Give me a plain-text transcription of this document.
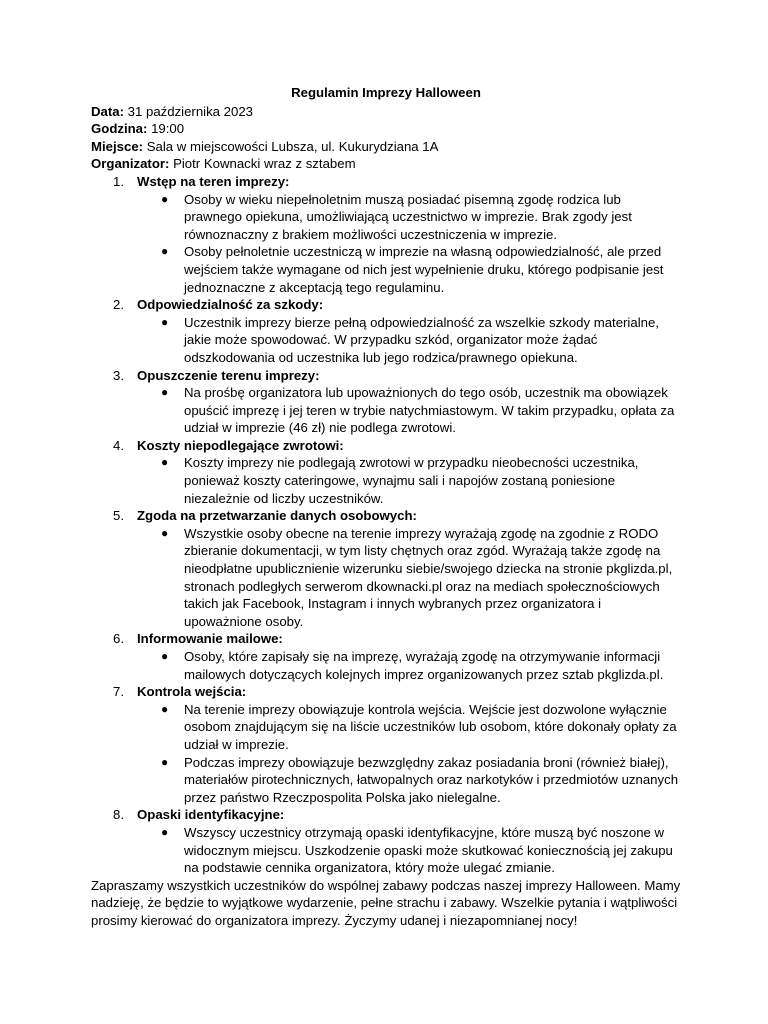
Regulamin Imprezy Halloween

Data: 31 października 2023

Godzina: 19:00

Miejsce: Sala w miejscowości Lubsza, ul. Kukurydziana 1A

Organizator: Piotr Kownacki wraz z sztabem

1. Wstęp na teren imprezy:
● Osoby w wieku niepełnoletnim muszą posiadać pisemną zgodę rodzica lub prawnego opiekuna, umożliwiającą uczestnictwo w imprezie. Brak zgody jest równoznaczny z brakiem możliwości uczestniczenia w imprezie.
● Osoby pełnoletnie uczestniczą w imprezie na własną odpowiedzialność, ale przed wejściem także wymagane od nich jest wypełnienie druku, którego podpisanie jest jednoznaczne z akceptacją tego regulaminu.
2. Odpowiedzialność za szkody:
● Uczestnik imprezy bierze pełną odpowiedzialność za wszelkie szkody materialne, jakie może spowodować. W przypadku szkód, organizator może żądać odszkodowania od uczestnika lub jego rodzica/prawnego opiekuna.
3. Opuszczenie terenu imprezy:
● Na prośbę organizatora lub upoważnionych do tego osób, uczestnik ma obowiązek opuścić imprezę i jej teren w trybie natychmiastowym. W takim przypadku, opłata za udział w imprezie (46 zł) nie podlega zwrotowi.
4. Koszty niepodlegające zwrotowi:
● Koszty imprezy nie podlegają zwrotowi w przypadku nieobecności uczestnika, ponieważ koszty cateringowe, wynajmu sali i napojów zostaną poniesione niezależnie od liczby uczestników.
5. Zgoda na przetwarzanie danych osobowych:
● Wszystkie osoby obecne na terenie imprezy wyrażają zgodę na zgodnie z RODO zbieranie dokumentacji, w tym listy chętnych oraz zgód. Wyrażają także zgodę na nieodpłatne upublicznienie wizerunku siebie/swojego dziecka na stronie pkglizda.pl, stronach podległych serwerom dkownacki.pl oraz na mediach społecznościowych takich jak Facebook, Instagram i innych wybranych przez organizatora i upoważnione osoby.
6. Informowanie mailowe:
● Osoby, które zapisały się na imprezę, wyrażają zgodę na otrzymywanie informacji mailowych dotyczących kolejnych imprez organizowanych przez sztab pkglizda.pl.
7. Kontrola wejścia:
● Na terenie imprezy obowiązuje kontrola wejścia. Wejście jest dozwolone wyłącznie osobom znajdującym się na liście uczestników lub osobom, które dokonały opłaty za udział w imprezie.
● Podczas imprezy obowiązuje bezwzględny zakaz posiadania broni (również białej), materiałów pirotechnicznych, łatwopalnych oraz narkotyków i przedmiotów uznanych przez państwo Rzeczpospolita Polska jako nielegalne.
8. Opaski identyfikacyjne:
● Wszyscy uczestnicy otrzymają opaski identyfikacyjne, które muszą być noszone w widocznym miejscu. Uszkodzenie opaski może skutkować koniecznością jej zakupu na podstawie cennika organizatora, który może ulegać zmianie.

Zapraszamy wszystkich uczestników do wspólnej zabawy podczas naszej imprezy Halloween. Mamy nadzieję, że będzie to wyjątkowe wydarzenie, pełne strachu i zabawy. Wszelkie pytania i wątpliwości prosimy kierować do organizatora imprezy. Życzymy udanej i niezapomnianej nocy!
